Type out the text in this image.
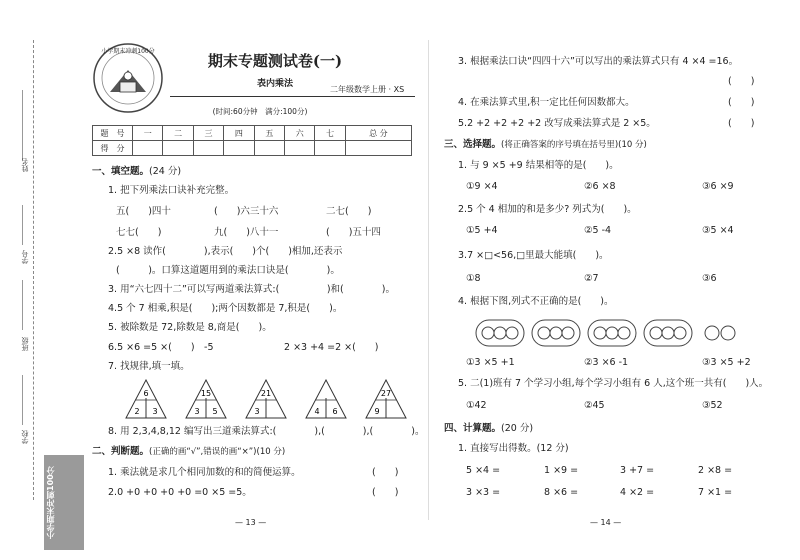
姓名
学号
班级
学校
小学期末冲刺100分
小学期末冲刺100分
期末专题测试卷(一)
表内乘法
二年级数学上册 · XS
(时间:60分钟　满分:100分)
题　号	一	二	三	四	五	六	七	总 分
得　分								
一、填空题。(24 分)
1. 把下列乘法口诀补充完整。
五(　　)四十	(　　)六三十六	二七(　　)
七七(　　)	九(　　)八十一	(　　)五十四
2.5 ×8 读作(　　　　),表示(　　)个(　　)相加,还表示
(　　　)。口算这道题用到的乘法口诀是(　　　　)。
3. 用“六七四十二”可以写两道乘法算式:(　　　　　)和(　　　　)。
4.5 个 7 相乘,积是(　　);两个因数都是 7,积是(　　)。
5. 被除数是 72,除数是 8,商是(　　)。
6.5 ×6 =5 ×(　　)　-5	2 ×3 +4 =2 ×(　　)
7. 找规律,填一填。
6
2 3
15
3 5
21
3	4 6
27
9
8. 用 2,3,4,8,12 编写出三道乘法算式:(　　　　),(　　　　),(　　　　)。
二、判断题。(正确的画“√”,错误的画“×”)(10 分)
1. 乘法就是求几个相同加数的和的简便运算。	(　　)
2.0 +0 +0 +0 +0 =0 ×5 =5。	(　　)
— 13 —
3. 根据乘法口诀“四四十六”可以写出的乘法算式只有 4 ×4 =16。
(　　)
4. 在乘法算式里,积一定比任何因数都大。	(　　)
5.2 +2 +2 +2 +2 改写成乘法算式是 2 ×5。	(　　)
三、选择题。(将正确答案的序号填在括号里)(10 分)
1. 与 9 ×5 +9 结果相等的是(　　)。
①9 ×4	②6 ×8	③6 ×9
2.5 个 4 相加的和是多少? 列式为(　　)。
①5 +4	②5 -4	③5 ×4
3.7 ×□<56,□里最大能填(　　)。
①8	②7	③6
4. 根据下图,列式不正确的是(　　)。
①3 ×5 +1	②3 ×6 -1	③3 ×5 +2
5. 二(1)班有 7 个学习小组,每个学习小组有 6 人,这个班一共有(　　)人。
①42	②45	③52
四、计算题。(20 分)
1. 直接写出得数。(12 分)
5 ×4 =	1 ×9 =	3 +7 =	2 ×8 =
3 ×3 =	8 ×6 =	4 ×2 =	7 ×1 =
— 14 —
